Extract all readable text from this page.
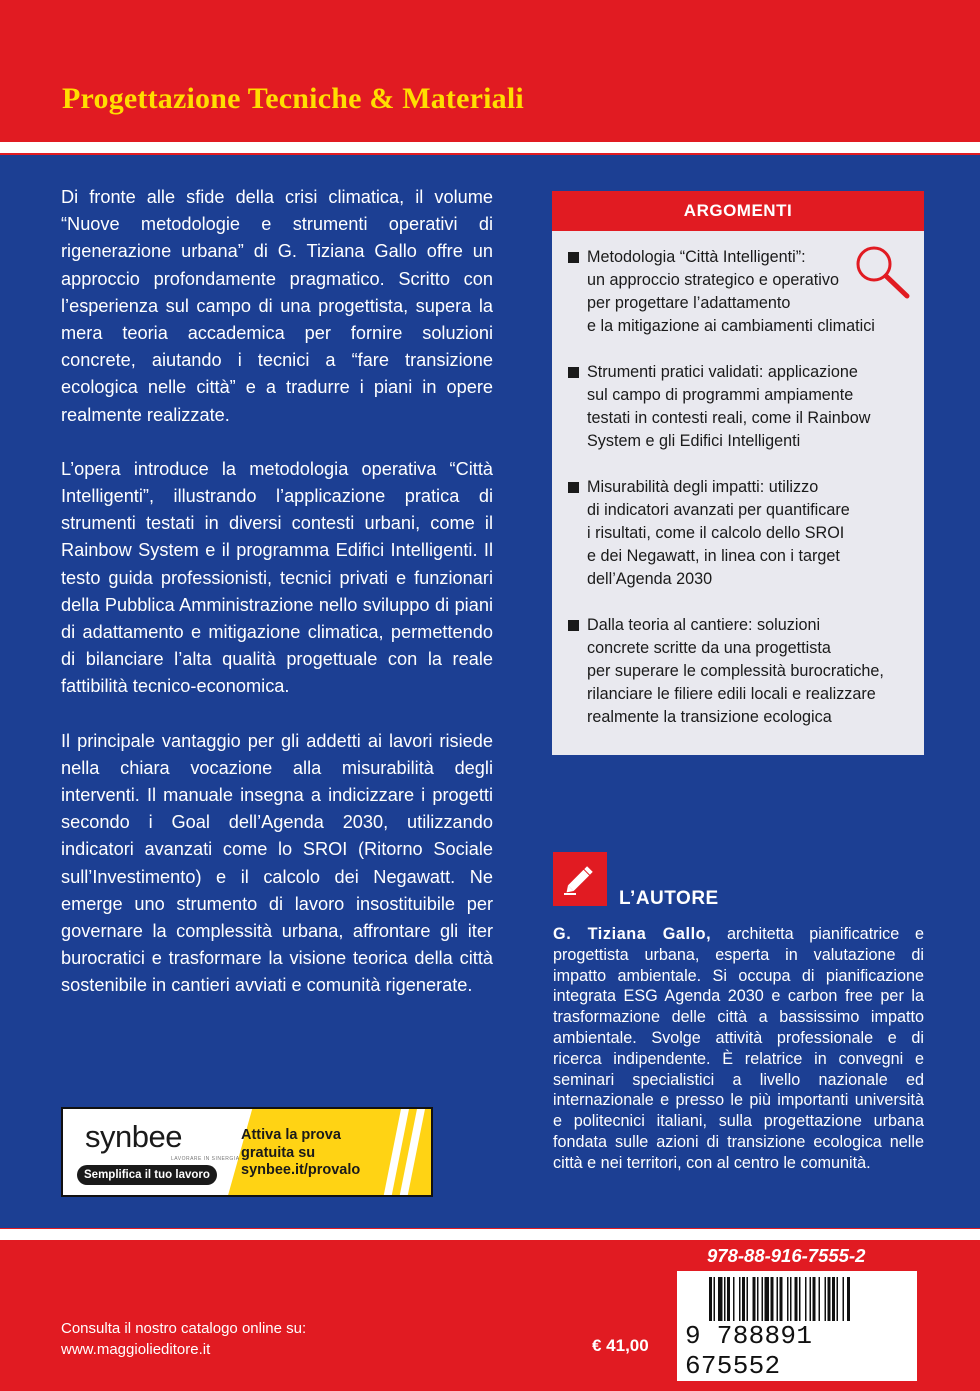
Progettazione Tecniche & Materiali

Di fronte alle sfide della crisi climatica, il volume “Nuove metodologie e strumenti operativi di rigenerazione urbana” di G. Tiziana Gallo offre un approccio profondamente pragmatico. Scritto con l’esperienza sul campo di una progettista, supera la mera teoria accademica per fornire soluzioni concrete, aiutando i tecnici a “fare transizione ecologica nelle città” e a tradurre i piani in opere realmente realizzate.

L’opera introduce la metodologia operativa “Città Intelligenti”, illustrando l’applicazione pratica di strumenti testati in diversi contesti urbani, come il Rainbow System e il programma Edifici Intelligenti. Il testo guida professionisti, tecnici privati e funzionari della Pubblica Amministrazione nello sviluppo di piani di adattamento e mitigazione climatica, permettendo di bilanciare l’alta qualità progettuale con la reale fattibilità tecnico-economica.

Il principale vantaggio per gli addetti ai lavori risiede nella chiara vocazione alla misurabilità degli interventi. Il manuale insegna a indicizzare i progetti secondo i Goal dell’Agenda 2030, utilizzando indicatori avanzati come lo SROI (Ritorno Sociale sull’Investimento) e il calcolo dei Negawatt. Ne emerge uno strumento di lavoro insostituibile per governare la complessità urbana, affrontare gli iter burocratici e trasformare la visione teorica della città sostenibile in cantieri avviati e comunità rigenerate.

ARGOMENTI
Metodologia “Città Intelligenti”:
un approccio strategico e operativo
per progettare l’adattamento
e la mitigazione ai cambiamenti climatici
Strumenti pratici validati: applicazione
sul campo di programmi ampiamente
testati in contesti reali, come il Rainbow
System e gli Edifici Intelligenti
Misurabilità degli impatti: utilizzo
di indicatori avanzati per quantificare
i risultati, come il calcolo dello SROI
e dei Negawatt, in linea con i target
dell’Agenda 2030
Dalla teoria al cantiere: soluzioni
concrete scritte da una progettista
per superare le complessità burocratiche,
rilanciare le filiere edili locali e realizzare
realmente la transizione ecologica
L’AUTORE
G. Tiziana Gallo, architetta pianificatrice e progettista urbana, esperta in valutazione di impatto ambientale. Si occupa di pianificazione integrata ESG Agenda 2030 e carbon free per la trasformazione delle città a bassissimo impatto ambientale. Svolge attività professionale e di ricerca indipendente. È relatrice in convegni e seminari specialistici a livello nazionale ed internazionale e presso le più importanti università e politecnici italiani, sulla progettazione urbana fondata sulle azioni di transizione ecologica nelle città e nei territori, con al centro le comunità.
synbee
LAVORARE IN SINERGIA
Semplifica il tuo lavoro
Attiva la prova gratuita su synbee.it/provalo
Consulta il nostro catalogo online su:
www.maggiolieditore.it	€ 41,00
978-88-916-7555-2
9 788891 675552
